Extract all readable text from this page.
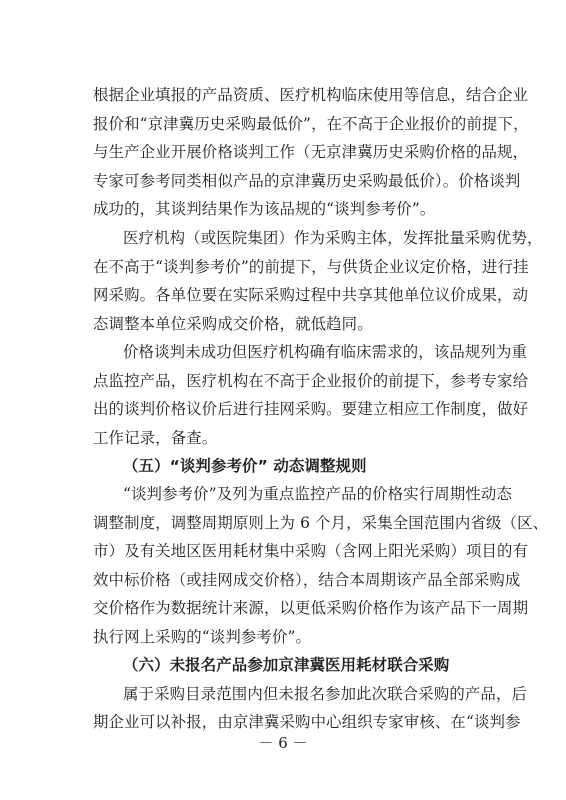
根据企业填报的产品资质、医疗机构临床使用等信息，结合企业
报价和“京津冀历史采购最低价”，在不高于企业报价的前提下，
与生产企业开展价格谈判工作（无京津冀历史采购价格的品规，
专家可参考同类相似产品的京津冀历史采购最低价）。价格谈判
成功的，其谈判结果作为该品规的“谈判参考价”。
医疗机构（或医院集团）作为采购主体，发挥批量采购优势，
在不高于“谈判参考价”的前提下，与供货企业议定价格，进行挂
网采购。各单位要在实际采购过程中共享其他单位议价成果，动
态调整本单位采购成交价格，就低趋同。
价格谈判未成功但医疗机构确有临床需求的，该品规列为重
点监控产品，医疗机构在不高于企业报价的前提下，参考专家给
出的谈判价格议价后进行挂网采购。要建立相应工作制度，做好
工作记录，备查。
（五）“谈判参考价” 动态调整规则
“谈判参考价”及列为重点监控产品的价格实行周期性动态
调整制度，调整周期原则上为 6 个月，采集全国范围内省级（区、
市）及有关地区医用耗材集中采购（含网上阳光采购）项目的有
效中标价格（或挂网成交价格），结合本周期该产品全部采购成
交价格作为数据统计来源，以更低采购价格作为该产品下一周期
执行网上采购的“谈判参考价”。
（六）未报名产品参加京津冀医用耗材联合采购
属于采购目录范围内但未报名参加此次联合采购的产品，后
期企业可以补报，由京津冀采购中心组织专家审核、在“谈判参
－ 6 －
